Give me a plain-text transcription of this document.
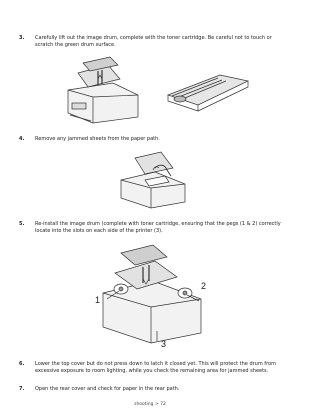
3. Carefully lift out the image drum, complete with the toner cartridge. Be careful not to touch or scratch the green drum surface.
4. Remove any jammed sheets from the paper path.
5. Re-install the image drum (complete with toner cartridge, ensuring that the pegs (1 & 2) correctly locate into the slots on each side of the printer (3).
1
2
3
6. Lower the top cover but do not press down to latch it closed yet. This will protect the drum from excessive exposure to room lighting, while you check the remaining area for jammed sheets.
7. Open the rear cover and check for paper in the rear path.
shooting > 72
